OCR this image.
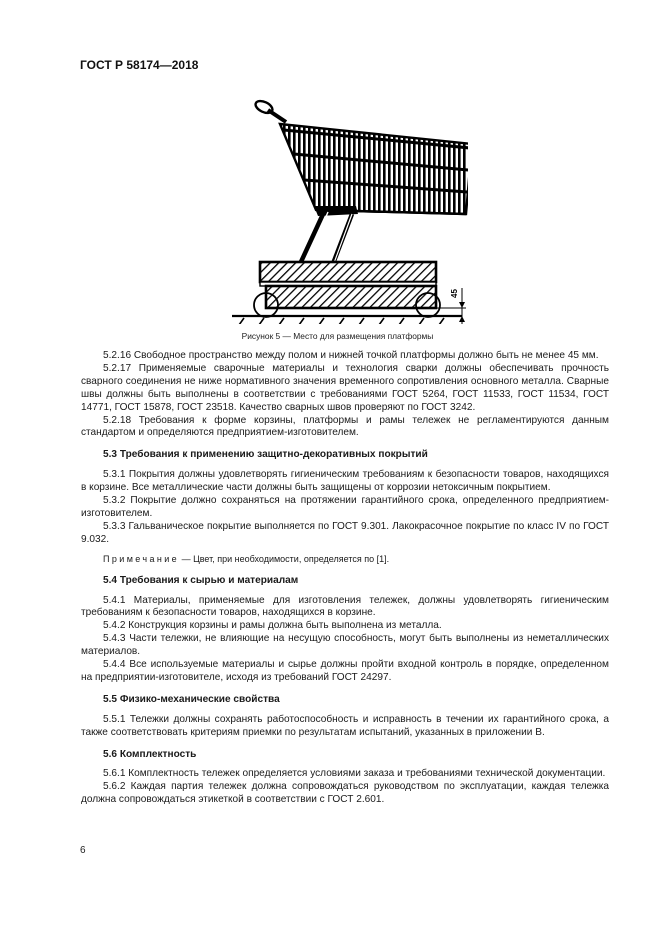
ГОСТ Р 58174—2018
45
Рисунок 5 — Место для размещения платформы

5.2.16 Свободное пространство между полом и нижней точкой платформы должно быть не менее 45 мм.

5.2.17 Применяемые сварочные материалы и технология сварки должны обеспечивать прочность сварного соединения не ниже нормативного значения временного сопротивления основного металла. Сварные швы должны быть выполнены в соответствии с требованиями ГОСТ 5264, ГОСТ 11533, ГОСТ 11534, ГОСТ 14771, ГОСТ 15878, ГОСТ 23518. Качество сварных швов проверяют по ГОСТ 3242.

5.2.18 Требования к форме корзины, платформы и рамы тележек не регламентируются данным стандартом и определяются предприятием-изготовителем.

5.3 Требования к применению защитно-декоративных покрытий

5.3.1 Покрытия должны удовлетворять гигиеническим требованиям к безопасности товаров, находящихся в корзине. Все металлические части должны быть защищены от коррозии нетоксичным покрытием.

5.3.2 Покрытие должно сохраняться на протяжении гарантийного срока, определенного предприятием-изготовителем.

5.3.3 Гальваническое покрытие выполняется по ГОСТ 9.301. Лакокрасочное покрытие по класс IV по ГОСТ 9.032.

Примечание — Цвет, при необходимости, определяется по [1].
5.4 Требования к сырью и материалам

5.4.1 Материалы, применяемые для изготовления тележек, должны удовлетворять гигиеническим требованиям к безопасности товаров, находящихся в корзине.

5.4.2 Конструкция корзины и рамы должна быть выполнена из металла.

5.4.3 Части тележки, не влияющие на несущую способность, могут быть выполнены из неметаллических материалов.

5.4.4 Все используемые материалы и сырье должны пройти входной контроль в порядке, определенном на предприятии-изготовителе, исходя из требований ГОСТ 24297.

5.5 Физико-механические свойства

5.5.1 Тележки должны сохранять работоспособность и исправность в течении их гарантийного срока, а также соответствовать критериям приемки по результатам испытаний, указанных в приложении В.

5.6 Комплектность

5.6.1 Комплектность тележек определяется условиями заказа и требованиями технической документации.

5.6.2 Каждая партия тележек должна сопровождаться руководством по эксплуатации, каждая тележка должна сопровождаться этикеткой в соответствии с ГОСТ 2.601.

6
